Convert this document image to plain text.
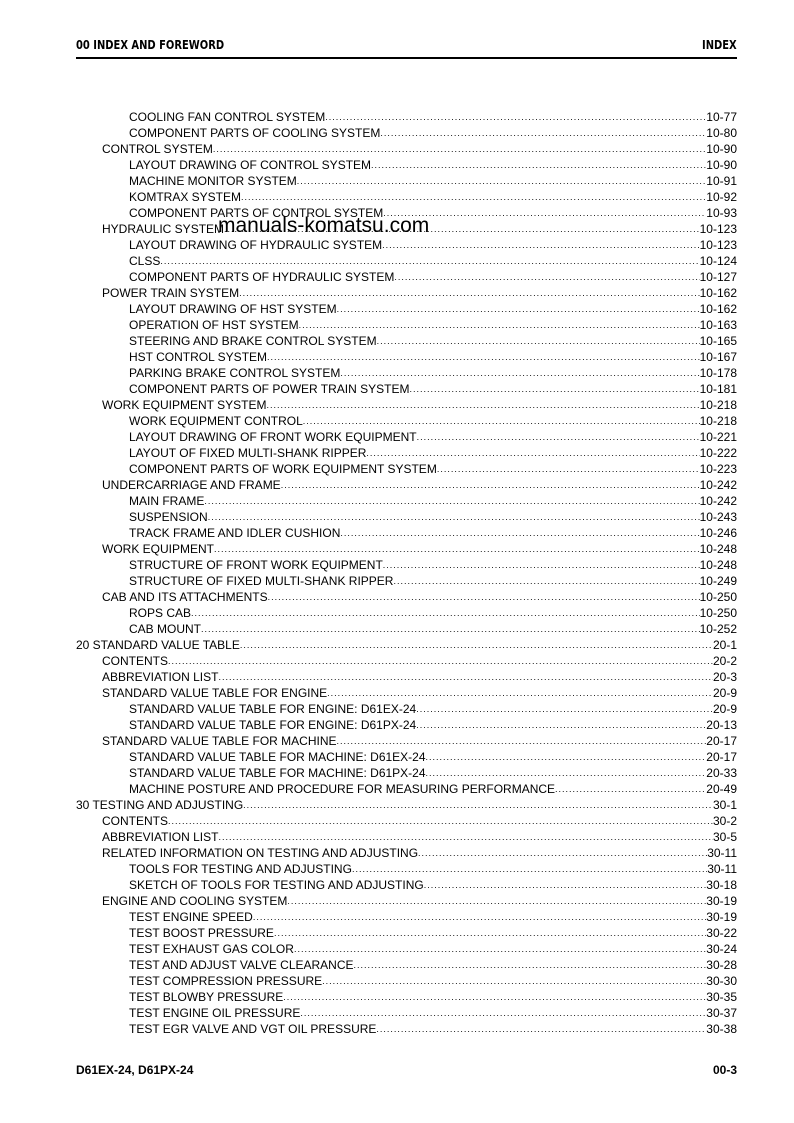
00 INDEX AND FOREWORD	INDEX
COOLING FAN CONTROL SYSTEM .....	10-77
COMPONENT PARTS OF COOLING SYSTEM .....	10-80
CONTROL SYSTEM .....	10-90
LAYOUT DRAWING OF CONTROL SYSTEM .....	10-90
MACHINE MONITOR SYSTEM .....	10-91
KOMTRAX SYSTEM .....	10-92
COMPONENT PARTS OF CONTROL SYSTEM .....	10-93
HYDRAULIC SYSTEM .....	10-123
LAYOUT DRAWING OF HYDRAULIC SYSTEM .....	10-123
CLSS .....	10-124
COMPONENT PARTS OF HYDRAULIC SYSTEM .....	10-127
POWER TRAIN SYSTEM .....	10-162
LAYOUT DRAWING OF HST SYSTEM .....	10-162
OPERATION OF HST SYSTEM .....	10-163
STEERING AND BRAKE CONTROL SYSTEM .....	10-165
HST CONTROL SYSTEM .....	10-167
PARKING BRAKE CONTROL SYSTEM .....	10-178
COMPONENT PARTS OF POWER TRAIN SYSTEM .....	10-181
WORK EQUIPMENT SYSTEM .....	10-218
WORK EQUIPMENT CONTROL .....	10-218
LAYOUT DRAWING OF FRONT WORK EQUIPMENT .....	10-221
LAYOUT OF FIXED MULTI-SHANK RIPPER .....	10-222
COMPONENT PARTS OF WORK EQUIPMENT SYSTEM .....	10-223
UNDERCARRIAGE AND FRAME .....	10-242
MAIN FRAME .....	10-242
SUSPENSION .....	10-243
TRACK FRAME AND IDLER CUSHION .....	10-246
WORK EQUIPMENT .....	10-248
STRUCTURE OF FRONT WORK EQUIPMENT .....	10-248
STRUCTURE OF FIXED MULTI-SHANK RIPPER .....	10-249
CAB AND ITS ATTACHMENTS .....	10-250
ROPS CAB .....	10-250
CAB MOUNT .....	10-252
20 STANDARD VALUE TABLE .....	20-1
CONTENTS .....	20-2
ABBREVIATION LIST .....	20-3
STANDARD VALUE TABLE FOR ENGINE .....	20-9
STANDARD VALUE TABLE FOR ENGINE: D61EX-24 .....	20-9
STANDARD VALUE TABLE FOR ENGINE: D61PX-24 .....	20-13
STANDARD VALUE TABLE FOR MACHINE .....	20-17
STANDARD VALUE TABLE FOR MACHINE: D61EX-24 .....	20-17
STANDARD VALUE TABLE FOR MACHINE: D61PX-24 .....	20-33
MACHINE POSTURE AND PROCEDURE FOR MEASURING PERFORMANCE .....	20-49
30 TESTING AND ADJUSTING .....	30-1
CONTENTS .....	30-2
ABBREVIATION LIST .....	30-5
RELATED INFORMATION ON TESTING AND ADJUSTING .....	30-11
TOOLS FOR TESTING AND ADJUSTING .....	30-11
SKETCH OF TOOLS FOR TESTING AND ADJUSTING .....	30-18
ENGINE AND COOLING SYSTEM .....	30-19
TEST ENGINE SPEED .....	30-19
TEST BOOST PRESSURE .....	30-22
TEST EXHAUST GAS COLOR .....	30-24
TEST AND ADJUST VALVE CLEARANCE .....	30-28
TEST COMPRESSION PRESSURE .....	30-30
TEST BLOWBY PRESSURE .....	30-35
TEST ENGINE OIL PRESSURE .....	30-37
TEST EGR VALVE AND VGT OIL PRESSURE .....	30-38
manuals-komatsu.com
D61EX-24, D61PX-24	00-3
